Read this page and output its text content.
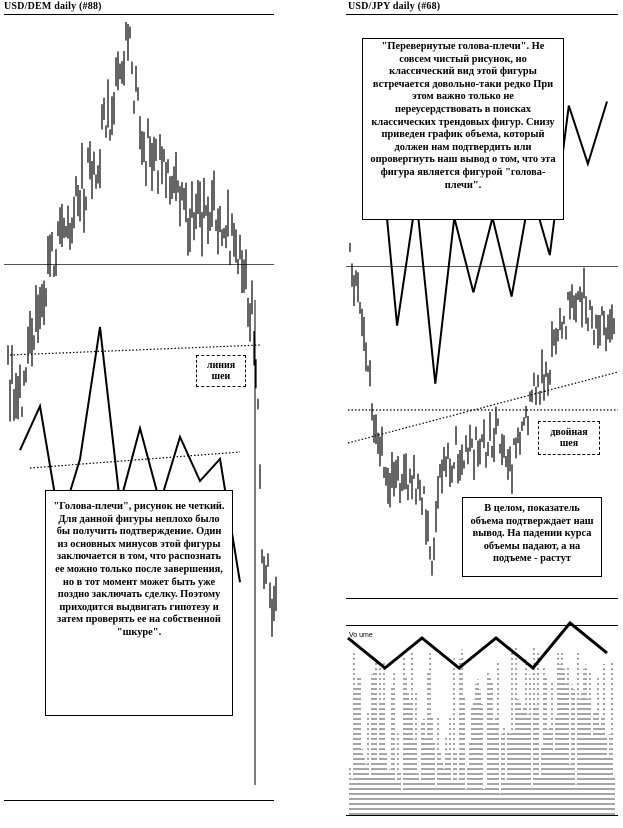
USD/DEM daily (#88)	USD/JPY daily (#68)
линия
шеи
"Голова-плечи", рисунок не четкий. Для данной фигуры неплохо было бы получить подтверждение. Один из основных минусов этой фигуры заключается в том, что распознать ее можно только после завершения, но в тот момент может быть уже поздно заключать сделку. Поэтому приходится выдвигать гипотезу и затем проверять ее на собственной "шкуре".
"Перевернутые голова-плечи". Не совсем чистый рисунок, но классический вид этой фигуры встречается довольно-таки редко При этом важно только не переусердствовать в поисках классических трендовых фигур. Снизу приведен график объема, который должен нам подтвердить или опровергнуть наш вывод о том, что эта фигура является фигурой "голова-плечи".
двойная
шея
В целом, показатель объема подтверждает наш вывод. На падении курса объемы падают, а на подъеме - растут
Vo ume
